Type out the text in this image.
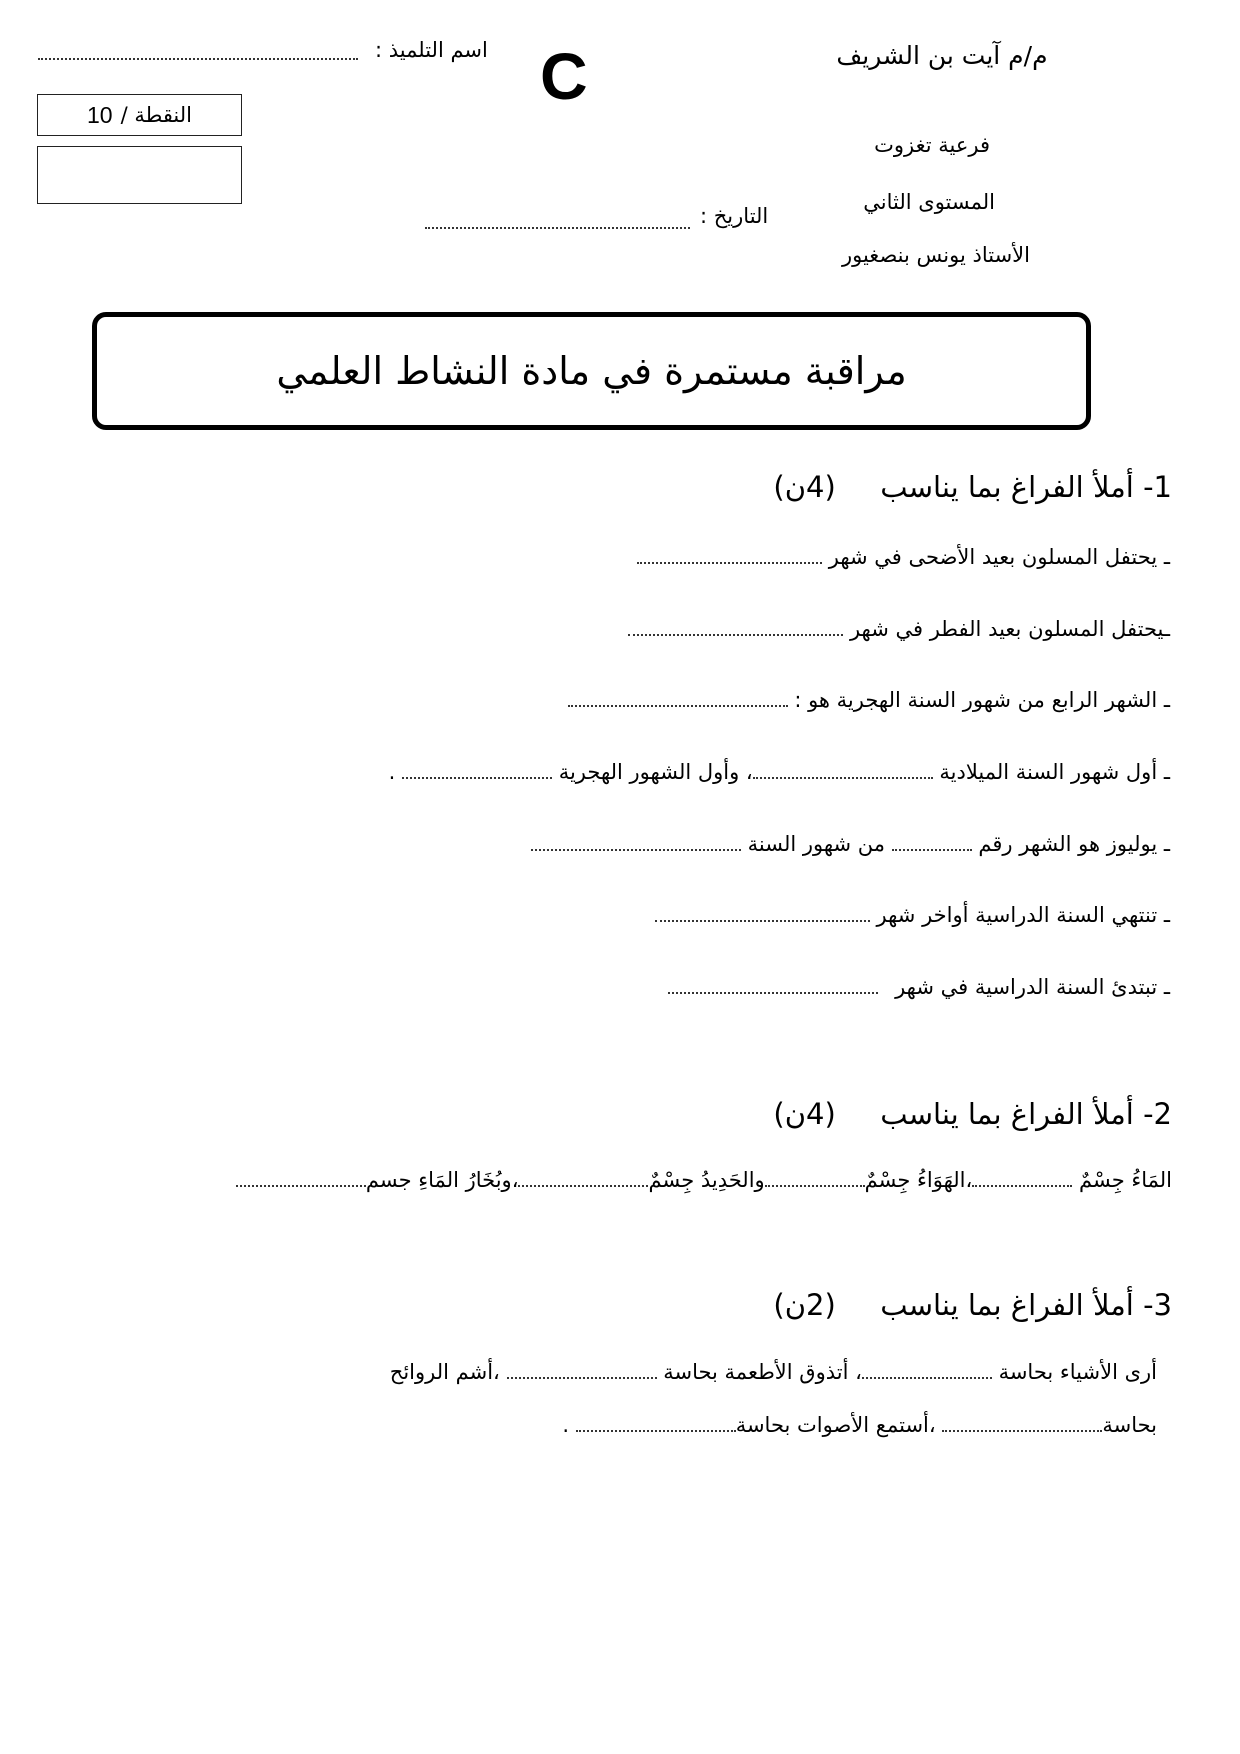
م/م آيت بن الشريف
فرعية تغزوت
المستوى الثاني
الأستاذ يونس بنصغيور
C
اسم التلميذ :
التاريخ :
10 النقطة /
مراقبة مستمرة في مادة النشاط العلمي
1- أملأ الفراغ بما يناسب  (4ن)
ـ يحتفل المسلون بعيد الأضحى في شهر
ـيحتفل المسلون بعيد الفطر في شهر
ـ الشهر الرابع من شهور السنة الهجرية هو :
ـ أول شهور السنة الميلادية ، وأول الشهور الهجرية  .
ـ يوليوز هو الشهر رقم  من شهور السنة
ـ تنتهي السنة الدراسية أواخر شهر
ـ تبتدئ السنة الدراسية في شهر
2- أملأ الفراغ بما يناسب  (4ن)
المَاءُ جِسْمٌ ،الهَوَاءُ جِسْمٌوالحَدِيدُ جِسْمٌ،وبُخَارُ المَاءِ جسم
3- أملأ الفراغ بما يناسب  (2ن)
أرى الأشياء بحاسة ، أتذوق الأطعمة بحاسة  ،أشم الروائح
بحاسة ،أستمع الأصوات بحاسة .
